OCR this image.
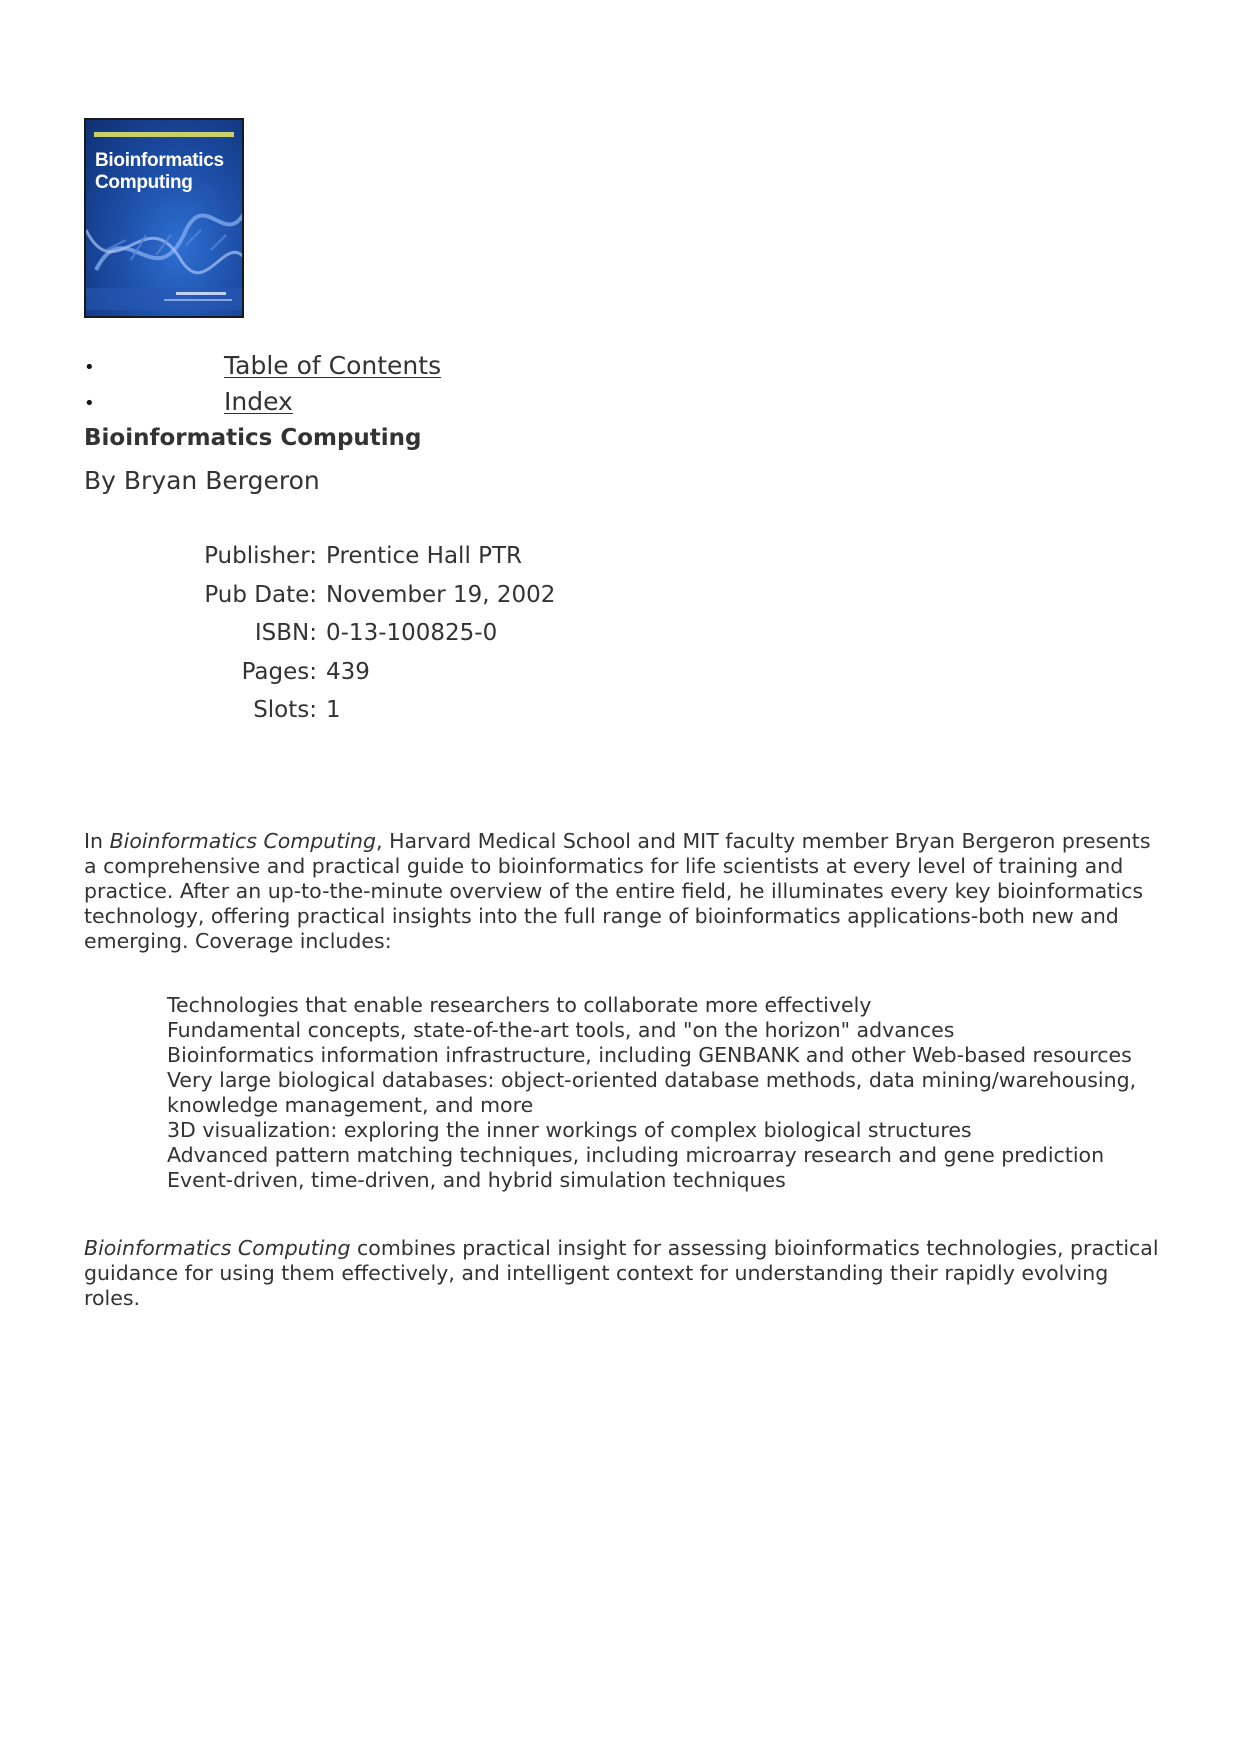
Bioinformatics
Computing
•	Table of Contents
•	Index
Bioinformatics Computing
By Bryan Bergeron
Publisher: Prentice Hall PTR
Pub Date: November 19, 2002
ISBN: 0-13-100825-0
Pages: 439
Slots: 1

In Bioinformatics Computing, Harvard Medical School and MIT faculty member Bryan Bergeron presents a comprehensive and practical guide to bioinformatics for life scientists at every level of training and practice. After an up-to-the-minute overview of the entire field, he illuminates every key bioinformatics technology, offering practical insights into the full range of bioinformatics applications-both new and emerging. Coverage includes:

Technologies that enable researchers to collaborate more effectively
Fundamental concepts, state-of-the-art tools, and "on the horizon" advances
Bioinformatics information infrastructure, including GENBANK and other Web-based resources
Very large biological databases: object-oriented database methods, data mining/warehousing, knowledge management, and more
3D visualization: exploring the inner workings of complex biological structures
Advanced pattern matching techniques, including microarray research and gene prediction
Event-driven, time-driven, and hybrid simulation techniques

Bioinformatics Computing combines practical insight for assessing bioinformatics technologies, practical guidance for using them effectively, and intelligent context for understanding their rapidly evolving roles.
